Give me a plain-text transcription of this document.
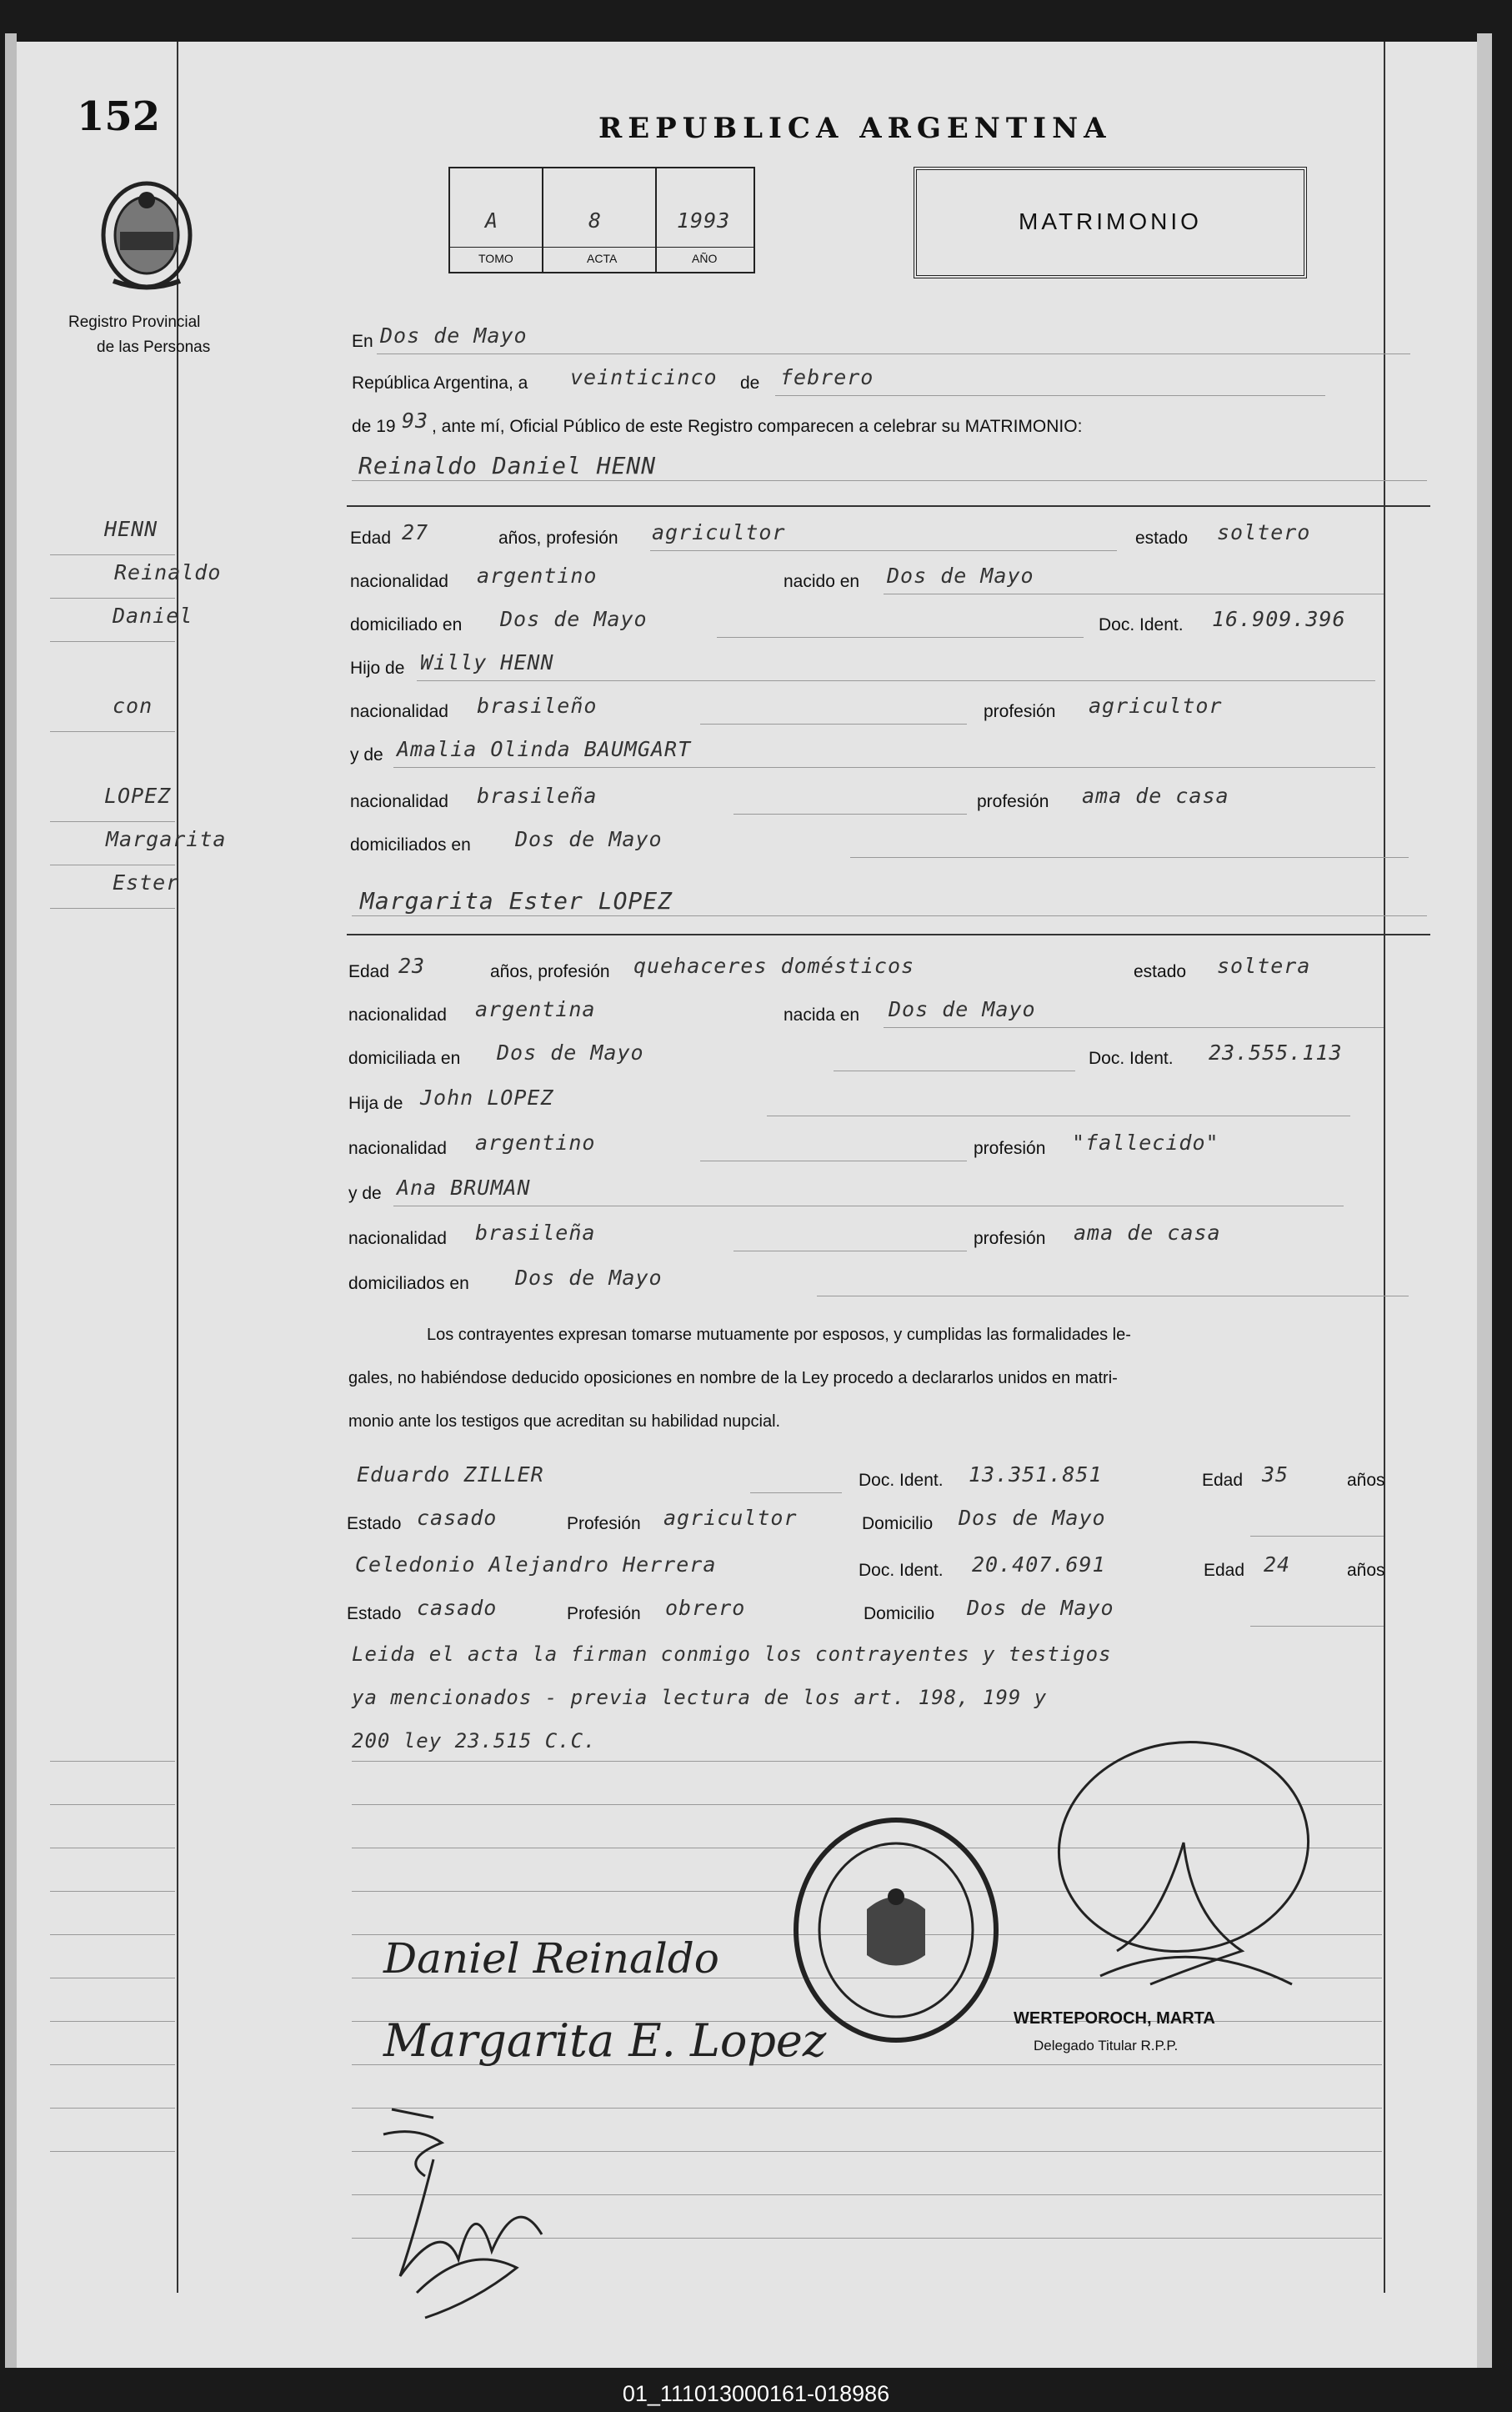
152
Registro Provincial
de las Personas
REPUBLICA ARGENTINA
A	8	1993
TOMO	ACTA	AÑO
MATRIMONIO
HENN
Reinaldo
Daniel
con
LOPEZ
Margarita
Ester
En Dos de Mayo
República Argentina, a veinticinco de febrero
de 19 93 , ante mí, Oficial Público de este Registro comparecen a celebrar su MATRIMONIO:
Reinaldo Daniel HENN
Edad 27	años, profesión agricultor	estado soltero
nacionalidad argentino	nacido en Dos de Mayo
domiciliado en Dos de Mayo	Doc. Ident. 16.909.396
Hijo de Willy HENN
nacionalidad brasileño	profesión agricultor
y de Amalia Olinda BAUMGART
nacionalidad brasileña	profesión ama de casa
domiciliados en Dos de Mayo
Margarita Ester LOPEZ
Edad 23	años, profesión quehaceres domésticos	estado soltera
nacionalidad argentina	nacida en Dos de Mayo
domiciliada en Dos de Mayo	Doc. Ident. 23.555.113
Hija de John LOPEZ
nacionalidad argentino	profesión "fallecido"
y de Ana BRUMAN
nacionalidad brasileña	profesión ama de casa
domiciliados en Dos de Mayo
Los contrayentes expresan tomarse mutuamente por esposos, y cumplidas las formalidades le-
gales, no habiéndose deducido oposiciones en nombre de la Ley procedo a declararlos unidos en matri-
monio ante los testigos que acreditan su habilidad nupcial.
Eduardo ZILLER	Doc. Ident. 13.351.851	Edad 35	años
Estado casado	Profesión agricultor	Domicilio Dos de Mayo
Celedonio Alejandro Herrera	Doc. Ident. 20.407.691	Edad 24	años
Estado casado	Profesión obrero	Domicilio Dos de Mayo
Leida el acta la firman conmigo los contrayentes y testigos
ya mencionados - previa lectura de los art. 198, 199 y
200 ley 23.515 C.C.
WERTEPOROCH, MARTA
Delegado Titular R.P.P.
Daniel Reinaldo
Margarita E. Lopez
01_111013000161-018986
